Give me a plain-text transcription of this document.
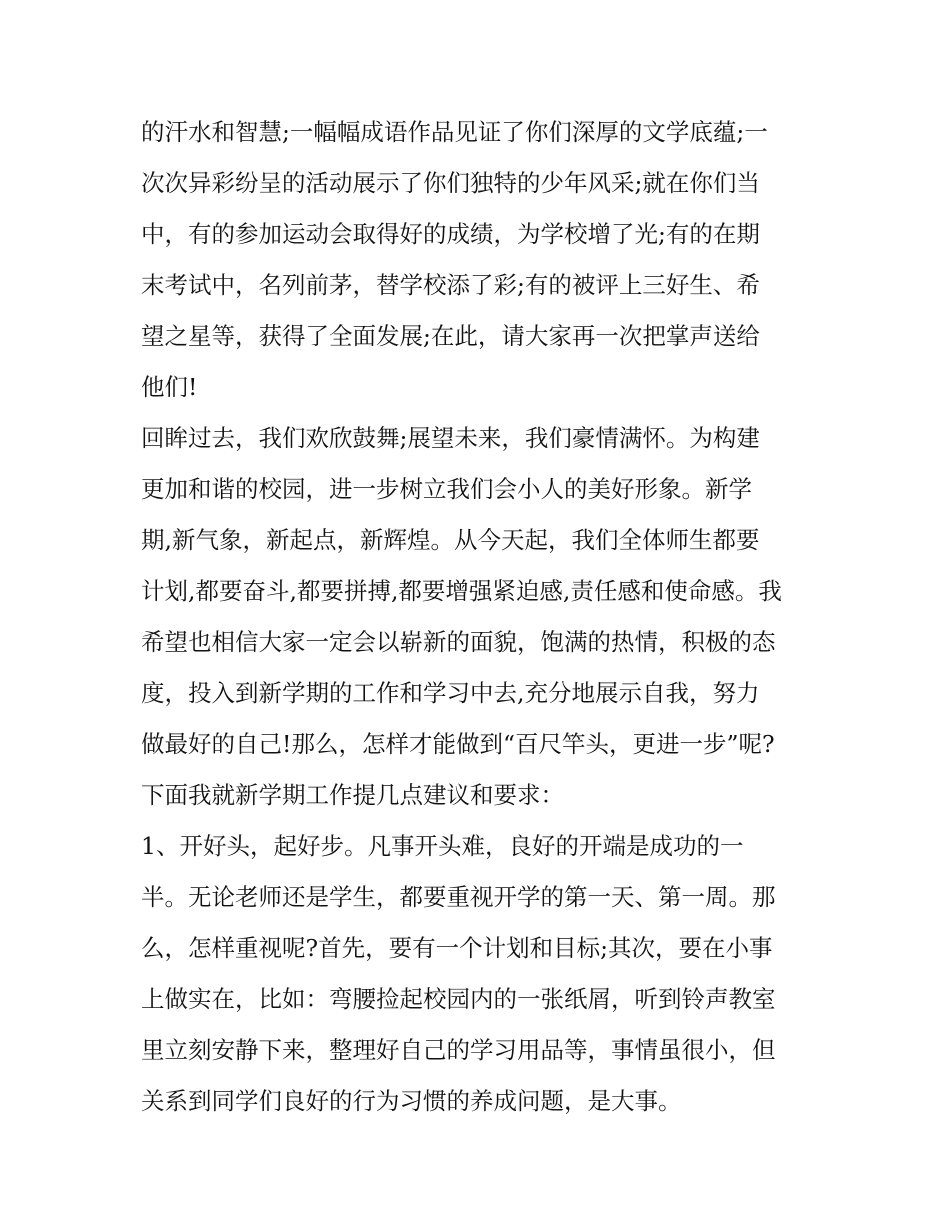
的汗水和智慧;一幅幅成语作品见证了你们深厚的文学底蕴;一
次次异彩纷呈的活动展示了你们独特的少年风采;就在你们当
中，有的参加运动会取得好的成绩，为学校增了光;有的在期
末考试中，名列前茅，替学校添了彩;有的被评上三好生、希
望之星等，获得了全面发展;在此，请大家再一次把掌声送给
他们!
回眸过去，我们欢欣鼓舞;展望未来，我们豪情满怀。为构建
更加和谐的校园，进一步树立我们会小人的美好形象。新学
期,新气象，新起点，新辉煌。从今天起，我们全体师生都要
计划,都要奋斗,都要拼搏,都要增强紧迫感,责任感和使命感。我
希望也相信大家一定会以崭新的面貌，饱满的热情，积极的态
度，投入到新学期的工作和学习中去,充分地展示自我，努力
做最好的自己!那么，怎样才能做到“百尺竿头，更进一步”呢?
下面我就新学期工作提几点建议和要求：
1、开好头，起好步。凡事开头难，良好的开端是成功的一
半。无论老师还是学生，都要重视开学的第一天、第一周。那
么，怎样重视呢?首先，要有一个计划和目标;其次，要在小事
上做实在，比如：弯腰捡起校园内的一张纸屑，听到铃声教室
里立刻安静下来，整理好自己的学习用品等，事情虽很小，但
关系到同学们良好的行为习惯的养成问题，是大事。
